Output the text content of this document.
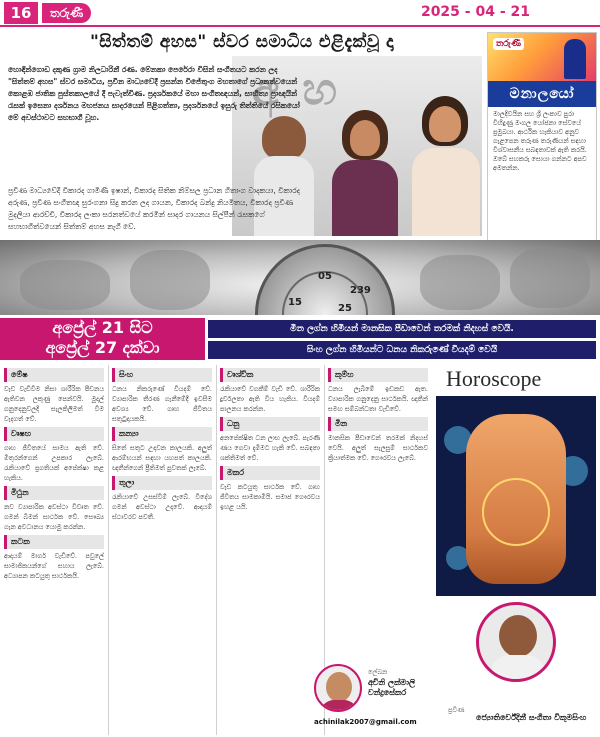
16	තරුණී	2025 - 04 - 21
"සිත්තම් අහස" ස්වර සමාධිය එළිදැක්වූ දා
අ හ
හොඳින්ගොඩ දකුණ ග්‍රාම නිලධාරිනී රණ. මේනකා පෙරේරා විසින් සංගීතයට කරන ලද "සිත්තම් අහස" ස්වර සමාධිය, ප්‍රවීන මාධ්‍යවේදී ප්‍රසන්න විජේතුංග මහතාගේ ප්‍රධානත්වයෙන් කොළඹ ජාතික පුස්තකාලයේ දී පැවැත්විණ. ප්‍රදර්ශකයේ මහා සංගීතඥයන්, සාහිත්‍ය ප්‍රාඥයින් රැසක් ඉසෙනා දර්ශනය මහජනය සාදරයෙන් පිළිගත්තා, ප්‍රදර්ශනයේ ඉසුරු තිත්තියේ රසිකයෝ මේ අවස්ථාවට සහභාගී වූහ.
ප්‍රවීණ මාධ්‍යවේදී විකාරද ගාමිණී ඉෂාන්, විකාරද සිතික නිම්සල ප්‍රධාන ගිතාංග වාදකයා, විකාරද අරුණ, ප්‍රවීණ සංගීතඥ සුරංගනා සිදු කරන ලද ගායන, විකාරද බන්දු නියමිතය, විකාරද ප්‍රවීණ මුදලියා ආරච්චි, විකාරද ලංකා සරනත්වයේ කරමින් සාදර ගායනය සිල්පීන් රැසකගේ සහභාගිත්වයෙන් සිත්තම් අහස නැගී වේ.
තරුණී
මනාලයෝ
මාලදිවයින සහ ශ්‍රී ලංකාව පුරා විහිදුණු මංගල යෝජනා සේවයේ ප්‍රමුඛයා. ආර්ථික හැකියාව අනුව ගැළපෙන තරුණ තරුණියන් සඳහා විශ්වාසනීය සබඳතාවක් ඇති කරයි. ඔබේ සහකරු සොයා ගන්නට අපව අමතන්න.
239
05
25
15
අප්‍රේල් 21 සිට
අප්‍රේල් 27 දක්වා
මීන ලග්න හිමියන් මානසික පීඩාවෙන් තරමක් නිදහස් වෙයි.
සිංහ ලග්න හිමියන්ට ධනය නිකරුණේ වියදම් වෙයි
මේෂ
වැඩ වැඩිවීම නිසා ශාරීරික පීඩනය ඇතිවන ලකුණු පෙන්වයි. මුදල් ගනුදෙනුවලදී සැලකිලිමත් වීම වැදගත් වේ.
වෘෂභ
ගෘහ ජීවිතයේ සාමය ඇති වේ. මිතුරන්ගෙන් උපකාර ලැබේ. රැකියාවේ ප්‍රගතියක් අපේක්ෂා කළ හැකිය.
මිථුන
නව ව්‍යාපාරික අවස්ථා විවෘත වේ. ගමන් බිමන් සාර්ථක වේ. සෞඛ්‍ය ගැන අවධානය යොමු කරන්න.
කටක
ආදායම් මාර්ග වැඩිවේ. පවුලේ සාමාජිකයන්ගේ සහාය ලැබේ. අධ්‍යාපන කටයුතු සාර්ථකයි.
සිංහ
ධනය නිකරුණේ වියදම් වේ. ව්‍යාපාරික තීරණ ගැනීමේදී ඉවසීම අවශ්‍ය වේ. ගෘහ ජීවිතය සතුටුදායකයි.
කන්‍යා
සිතේ සතුට උදාවන කාලයකි. අලුත් ආරම්භයන් සඳහා යහපත් කාලයකි. ඥාතීන්ගෙන් ප්‍රීතිමත් පුවතක් ලැබේ.
තුලා
රැකියාවේ උසස්වීම් ලැබේ. විදේශ ගමන් අවස්ථා උදාවේ. ආදායම් ස්ථාවරව පවතී.
වෘශ්චික
රැකියාවේ වගකීම් වැඩි වේ. ශාරීරික දුර්වලතා ඇති විය හැකිය. වියදම් පාලනය කරන්න.
ධනු
අනපේක්ෂිත ධන ලාභ ලැබේ. පැරණි ණය ගෙවා දැමීමට හැකි වේ. සබඳතා ශක්තිමත් වේ.
මකර
වැඩ කටයුතු සාර්ථක වේ. ගෘහ ජීවිතය සාමකාමීයි. සමාජ ගෞරවය ඉහළ යයි.
කුම්භ
ධනය ලැබීමේ ඉඩකඩ ඇත. ව්‍යාපාරික ගනුදෙනු සාර්ථකයි. ඥාතීන් සමඟ සම්බන්ධතා වැඩිවේ.
මීන
මානසික පීඩාවෙන් තරමක් නිදහස් වෙයි. අලුත් සැලසුම් සාර්ථකව ක්‍රියාත්මක වේ. ගෞරවය ලැබේ.
ලේඛන
අචිනි ලක්මාලි වන්ද්‍රසේකර
achinilak2007@gmail.com
Horoscope
ප්‍රවීණ
ජ්‍යොතිර්වේදිනී සංගීතා විකුමසිංහ
